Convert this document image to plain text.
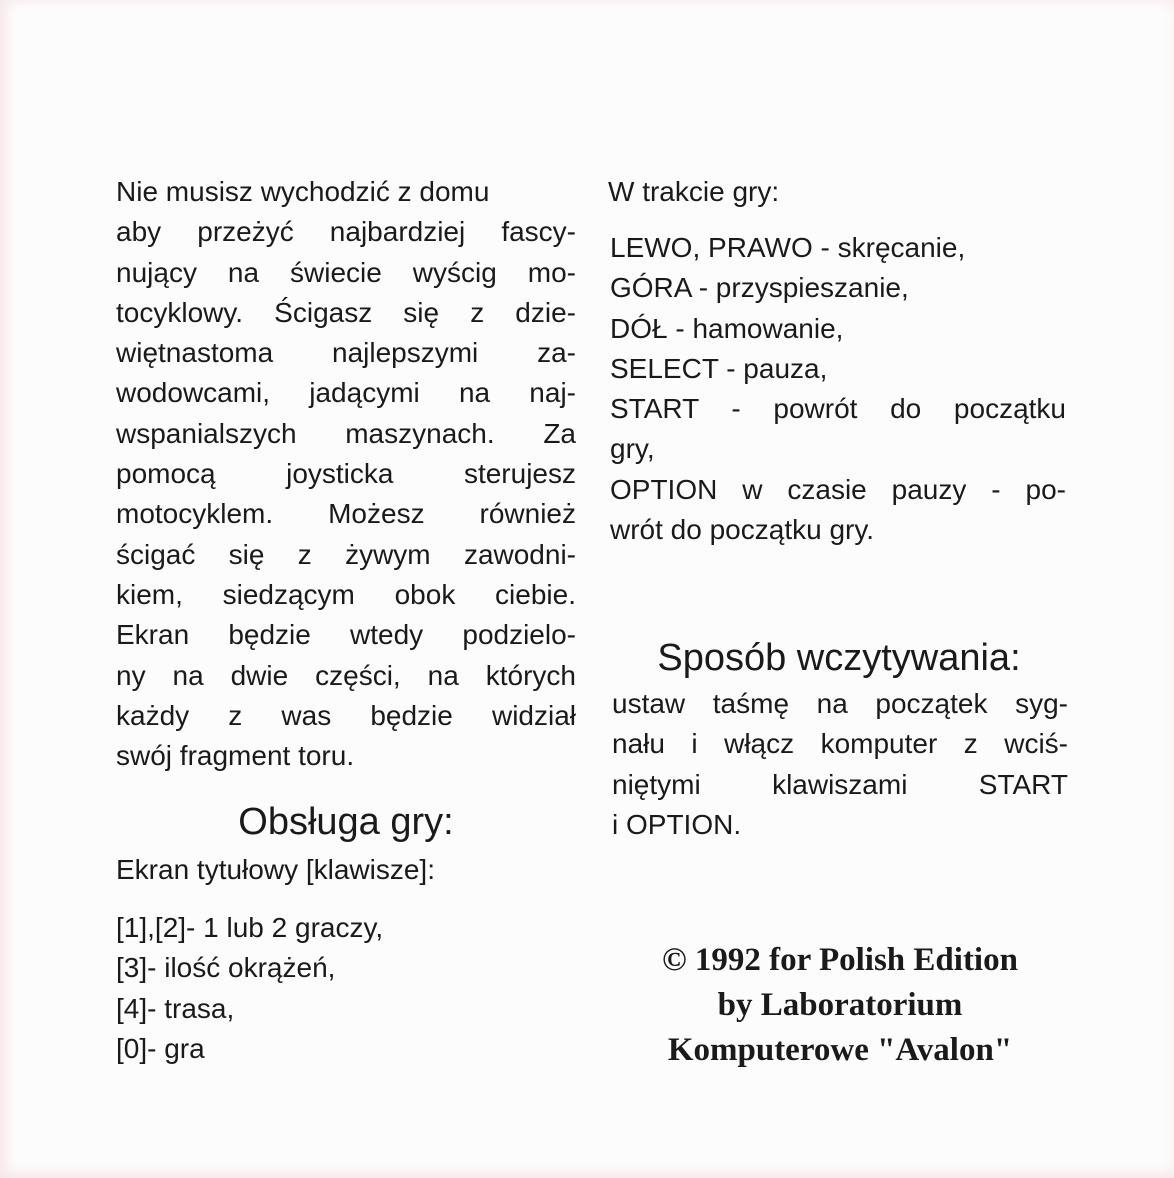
Nie musisz wychodzić z domu
aby przeżyć najbardziej fascy-
nujący na świecie wyścig mo-
tocyklowy. Ścigasz się z dzie-
więtnastoma najlepszymi za-
wodowcami, jadącymi na naj-
wspanialszych maszynach. Za
pomocą joysticka sterujesz
motocyklem. Możesz również
ścigać się z żywym zawodni-
kiem, siedzącym obok ciebie.
Ekran będzie wtedy podzielo-
ny na dwie części, na których
każdy z was będzie widział
swój fragment toru.
Obsługa gry:
Ekran tytułowy [klawisze]:
[1],[2]- 1 lub 2 graczy,
[3]- ilość okrążeń,
[4]- trasa,
[0]- gra
W trakcie gry:
LEWO, PRAWO - skręcanie,
GÓRA - przyspieszanie,
DÓŁ - hamowanie,
SELECT - pauza,
START - powrót do początku
gry,
OPTION w czasie pauzy - po-
wrót do początku gry.
Sposób wczytywania:
ustaw taśmę na początek syg-
nału i włącz komputer z wciś-
niętymi klawiszami START
i OPTION.
© 1992 for Polish Edition
by Laboratorium
Komputerowe "Avalon"
